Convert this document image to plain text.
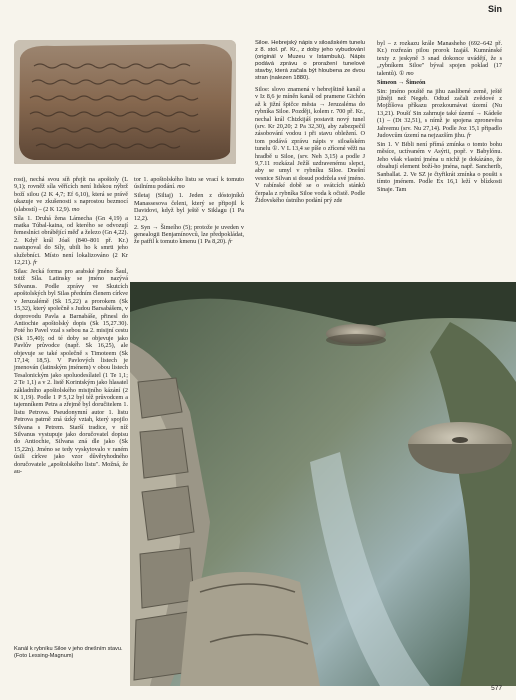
Sin

rost), nechá svou síň přejít na apoštoly (L 9,1); rovněž síla věřících není lidskou nýbrž boží silou (2 K 4,7; Ef 6,10), která se právě ukazuje ve zkušenosti s naprostou bezmocí (slabostí) – (2 K 12,9). mo

Síla 1. Druhá žena Lámecha (Gn 4,19) a matka Túbal-kaina, od kterého se odvozují řemeslníci obrábějící měď a železo (Gn 4,22). 2. Kdyř král Jóaš (840–801 př. Kr.) nastupoval do Síly, ubili ho k smrti jeho služebníci. Místo není lokalizováno (2 Kr 12,21). fr

Silas: Jecká forma pro arabské jméno Šaul, totiž Síla. Latinsky se jméno nazývá Silvanus. Podle zprávy ve Skutcích apoštolských byl Silas předním členem církve v Jeruzalémě (Sk 15,22) a prorokem (Sk 15,32), který společně s Judou Barsabášem, v doprovodu Pavla a Barnabáše, přinesl do Antiochie apoštolský dopis (Sk 15,27.30). Poté ho Pavel vzal s sebou na 2. misijní cestu (Sk 15,40); od té doby se objevuje jako Pavlův průvodce (např. Sk 16,25), ale objevuje se také společně s Timoteem (Sk 17,14; 18,5). V Pavlových listech je jmenován (latinským jménem) v obou listech Tesalonickým jako spoluodesílatel (1 Te 1,1; 2 Te 1,1) a v 2. listě Korintským jako hlasatel základního apoštolského misijního kázání (2 K 1,19). Podle 1 P 5,12 byl též průvodcem a tajemníkem Petra a zřejmě byl doručitelem 1. listu Petrova. Pseudonymní autor 1. listu Petrova patrně zná úzký vztah, který spojilo Silvana s Petrem. Starší tradice, v níž Silvanus vystupuje jako doručovatel dopisu do Antiochie, Silvana zná dle jako (Sk 15,22n). Jméno se tedy vyskytovalo v raném úsilí církve jako vzor důvěryhodného doručovatele „apoštolského listu". Možná, že au-

tor 1. apoštolského listu se vrací k tomuto úsilnímu podání. mo

Siletaj (Siltaj) 1. Jeden z dóstojníků Manassesova čeleni, který se připojil k Davidovi, když byl ještě v Siklagu (1 Pa 12,2).

2. Syn → Šimeího (5); protože je uveden v genealogii Benjamínovců, lze předpokládat, že patřil k tomuto kmenu (1 Pa 8,20). fr

Siloe. Hebrejský nápis v siloašském tunelu z 8. stol. př. Kr., z doby jeho vybudování (originál v Muzeu v Istambulu). Nápis podává zprávu o proražení tunelové stavby, která začala být hloubena ze dvou stran (nalezen 1880).

Siloe: slovo znamená v hebrejštině kanál a v Iz 8,6 je míněn kanál od pramene Gichón až k jižní špičce města → Jeruzaléma do rybníka Siloe. Později, kolem r. 700 př. Kr., nechal král Chizkijáš postavit nový tunel (srv. Kr 20,20; 2 Pa 32,30), aby zabezpečil zásobování vodou i při stavu obležení. O tom podává zprávu nápis v siloašském tunelu ①. V L 13,4 se píše o zřícené věži na hradbě u Siloe, (srv. Neh 3,15) a podle J 9,7.11 rozkázal Ježíš uzdravenému slepci, aby se umyl v rybníku Siloe. Dnešní vesnice Silvan si dosud podržela své jméno. V rabínské době se o svátcích stánků čerpala z rybníka Siloe voda k očistě. Podle Židovského ústního podání prý zde

byl – z rozkazu krále Manasheho (692–642 př. Kr.) rozřezán pilou prorok Izajáš. Kumránské texty z jeskyně 3 snad dokonce uvádějí, že s „rybníkem Siloe" býval spojen poklad (17 talentů). ① mo

Simeon → Šimeón

Sin: jméno pouště na jihu zaslíbené země, ještě jižněji než Negeb. Odtud začali zvědové z Mojžíšova příkazu prozkoumávat území (Nu 13,21). Poušť Sin zahrnuje také území → Kádeše (1) – (Dt 32,51), s nímž je spojena zpronevěra Jahvemu (srv. Nu 27,14). Podle Joz 15,1 připadlo Judovcům území na nejzazším jihu. fr

Sin 1. V Bibli není přímá zmínka o tomto bohu měsíce, uctívaném v Asýrii, popř. v Babylónu. Jeho však vlastní jména u nichž je dokázáno, že obsahují element boží-ho jména, např. Sancherib, Sanballat. 2. Ve SZ je čtyřikrát zmínka o poušti s tímto jménem. Podle Ex 16,1 leží v blízkosti Sinaje. Tam

Kanál k rybníku Siloe v jeho dnešním stavu. (Foto Lessing-Magnum)
577
